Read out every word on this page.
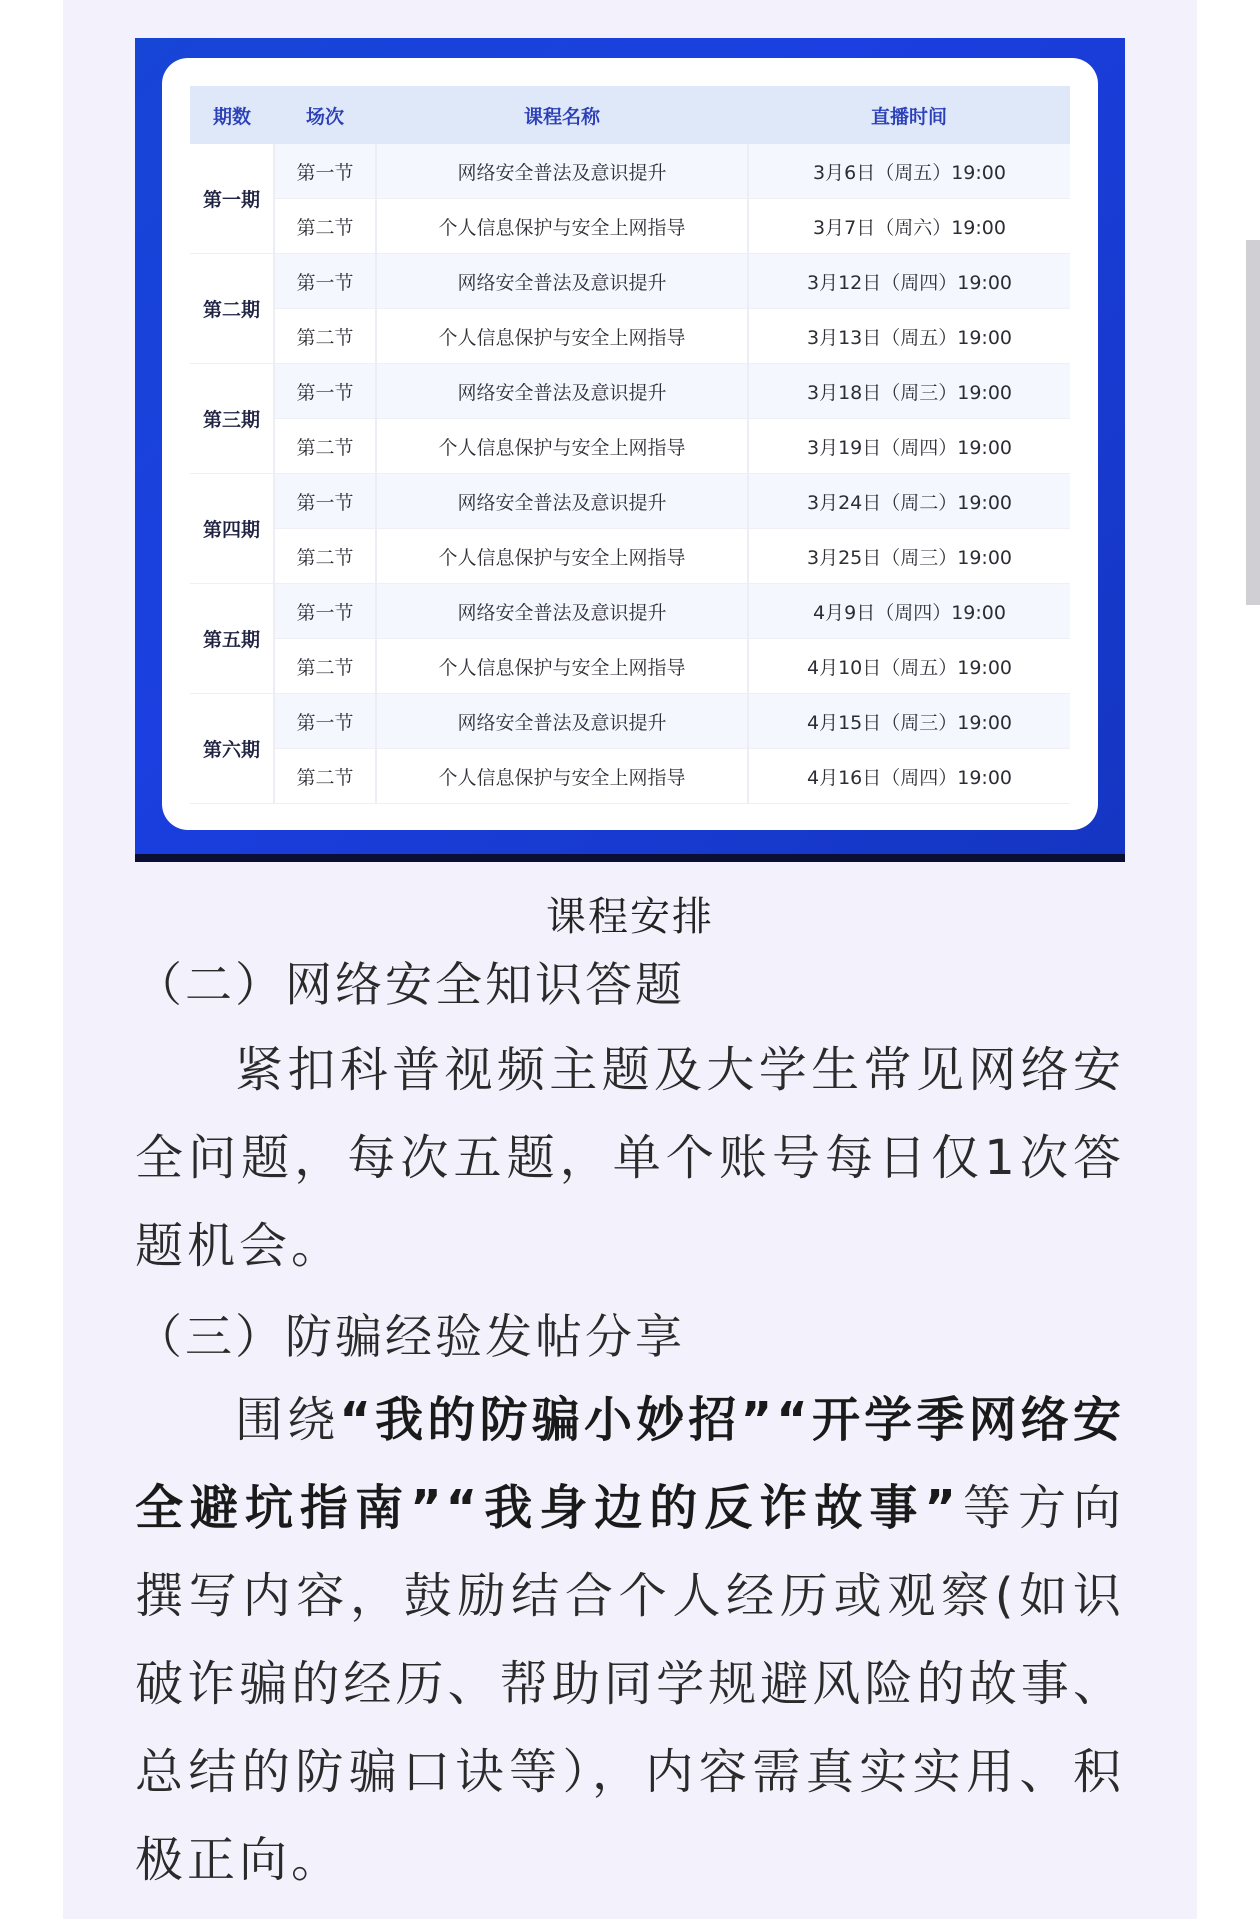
期数	场次	课程名称	直播时间
第一期	第一节	网络安全普法及意识提升	3月6日（周五）19:00
	第二节	个人信息保护与安全上网指导	3月7日（周六）19:00
第二期	第一节	网络安全普法及意识提升	3月12日（周四）19:00
	第二节	个人信息保护与安全上网指导	3月13日（周五）19:00
第三期	第一节	网络安全普法及意识提升	3月18日（周三）19:00
	第二节	个人信息保护与安全上网指导	3月19日（周四）19:00
第四期	第一节	网络安全普法及意识提升	3月24日（周二）19:00
	第二节	个人信息保护与安全上网指导	3月25日（周三）19:00
第五期	第一节	网络安全普法及意识提升	4月9日（周四）19:00
	第二节	个人信息保护与安全上网指导	4月10日（周五）19:00
第六期	第一节	网络安全普法及意识提升	4月15日（周三）19:00
	第二节	个人信息保护与安全上网指导	4月16日（周四）19:00
课程安排
（二）网络安全知识答题
紧扣科普视频主题及大学生常见网络安全问题，每次五题，单个账号每日仅1次答题机会。
（三）防骗经验发帖分享
围绕“我的防骗小妙招”“开学季网络安全避坑指南”“我身边的反诈故事”等方向撰写内容，鼓励结合个人经历或观察(如识破诈骗的经历、帮助同学规避风险的故事、总结的防骗口诀等），内容需真实实用、积极正向。
